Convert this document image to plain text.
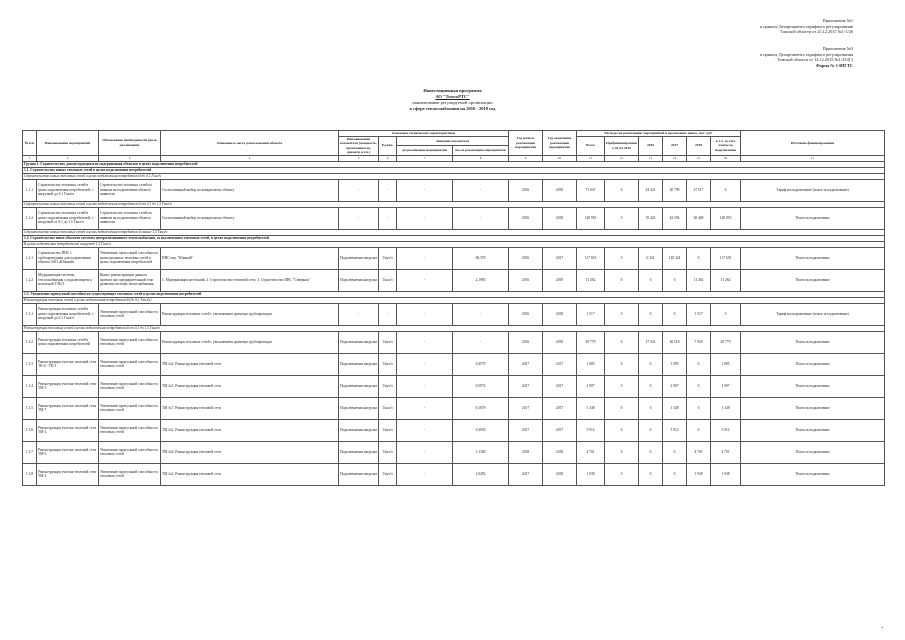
Приложение №1
к приказу Департамента тарифного регулирования
Томской области от 25.12.2015 №1-1/26
Приложение №3
к приказу Департамента тарифного регулирования
Томской области от 14.12.2015 №1-25/(Г)
Форма № 1-ИП ТС
Инвестиционная программа
АО "ТомскРТС"
наименование регулируемой организации
в сфере теплоснабжения на 2016 - 2018 год
№ п/п	Наименование мероприятий	Обоснование необходимости (цель реализации)	Описание и место расположения объекта	Основные технические характеристики				Год начала реализации мероприятия	Год окончания реализации мероприятия	Расходы на реализацию мероприятий в прогнозных ценах, тыс. руб.						Источник финансирования
				Наименование показателя (мощность, протяженность, диаметр и т.п.)	Ед.изм.	Значение показателя				Всего	Профинансировано к 01.01.2016	2016	2017	2018	в т.ч. за счет платы за подключение	
						до реализации мероприятия	после реализации мероприятия									
1	2	3	4	5	6	7	8	9	10	11	12	13	14	15	16	17
Группа 1. Строительство, реконструкция или модернизация объектов в целях подключения потребителей:																
1.1. Строительство новых тепловых сетей в целях подключения потребителей																
Строительство новых тепловых сетей в целях подключения потребителей до 0,1 Гкал/ч																
1.1.1	Строительство тепловых сетей в целях подключения потребителей, с нагрузкой до 0,1 Гкал/ч	Строительство тепловых сетей по заявкам на подключение объекта заявителя	Согласованный выбор по конкретному объекту	-	-	-	-	2016	2018	71 647	0	23 321	20 799	27 517	0	Тариф на подключение (плата за подключение)
Строительство новых тепловых сетей в целях подключения потребителей от 0,1 до 1,5 Гкал/ч																
1.1.2	Строительство тепловых сетей в целях подключения потребителей, с нагрузкой от 0,1 до 1,5 Гкал/ч	Строительство тепловых сетей по заявкам на подключение объекта заявителя	Согласованный выбор по конкретному объекту	-	-	-	-	2016	2018	128 953	0	55 423	42 594	30 469	128 953	Плата за подключение
Строительство новых тепловых сетей в целях подключения потребителей свыше 1,5 Гкал/ч																
1.2. Строительство иных объектов системы централизованного теплоснабжения, за исключением тепловых сетей, в целях подключения потребителей																
В целях подключения потребителей нагрузкой 1,5 Гкал/ч																
1.2.1	Строительство ПНС с трубопроводами для подключения объекта ЗАО «Южный»	Увеличение пропускной способности магистральных тепловых сетей в целях подключения потребителей	ПНС пер. "Южный"	Подключаемая нагрузка	Гкал/ч	-	69,370	2016	2017	117 653	0	6 321	128 324	0	117 653	Плата за подключение
1.2.2	Модернизация системы теплоснабжения с подключением к котельной ТЭЦ-1	Вынос реконструкции данного проекта как предварительный этап развития системы теплоснабжения	1. Модернизация котельной; 2. Строительство тепловой сети; 3. Строительство ПНС "Северная"	Подключаемая нагрузка	Гкал/ч	-	2,1983	2016	2019	11 262	0	0	0	11 262	11 262	Плата за подключение
1.3. Увеличение пропускной способности существующих тепловых сетей в целях подключения потребителей																
Реконструкция тепловых сетей в целях подключения потребителей (до 0,1 Гкал/ч)																
1.3.1	Реконструкция тепловых сетей в целях подключения потребителей, с нагрузкой до 0,1 Гкал/ч	Увеличение пропускной способности тепловых сетей	Реконструкция тепловых сетей с увеличением диаметра трубопроводов	-	-	-	-	2016	2018	1 517	0	0	0	1 517	0	Тариф на подключение (плата за подключение)
Реконструкция тепловых сетей в целях подключения потребителей от 0,1 до 1,5 Гкал/ч																
1.3.2	Реконструкция тепловых сетей в целях подключения потребителей	Увеличение пропускной способности тепловых сетей	Реконструкция тепловых сетей с увеличением диаметра трубопроводов	Подключаемая нагрузка	Гкал/ч	-	-	2016	2018	65 779	0	17 341	40 518	7 920	65 779	Плата за подключение
1.3.3	Реконструкция участка тепловой сети ТК-4 - ТК-5	Увеличение пропускной способности тепловых сетей	ТМ №4. Реконструкция тепловой сети	Подключаемая нагрузка	Гкал/ч	-	0,4579	2017	2017	1 085	0	0	1 085	0	1 085	Плата за подключение
1.3.4	Реконструкция участка тепловой сети ТМ-5	Увеличение пропускной способности тепловых сетей	ТМ №5. Реконструкция тепловой сети	Подключаемая нагрузка	Гкал/ч	-	0,5972	2017	2017	2 907	0	0	2 907	0	2 907	Плата за подключение
1.3.5	Реконструкция участка тепловой сети ТМ-7	Увеличение пропускной способности тепловых сетей	ТМ №7. Реконструкция тепловой сети	Подключаемая нагрузка	Гкал/ч	-	0,1079	2017	2017	1 348	0	0	1 348	0	1 348	Плата за подключение
1.3.6	Реконструкция участка тепловой сети ТМ-2	Увеличение пропускной способности тепловых сетей	ТМ №2. Реконструкция тепловой сети	Подключаемая нагрузка	Гкал/ч	-	0,3059	2017	2017	5 912	0	0	5 912	0	5 912	Плата за подключение
1.3.7	Реконструкция участка тепловой сети ТМ-6	Увеличение пропускной способности тепловых сетей	ТМ №6. Реконструкция тепловой сети	Подключаемая нагрузка	Гкал/ч	-	1,1300	2018	2018	4 701	0	0	0	4 701	4 701	Плата за подключение
1.3.8	Реконструкция участка тепловой сети ТМ-2	Увеличение пропускной способности тепловых сетей	ТМ №2. Реконструкция тепловой сети	Подключаемая нагрузка	Гкал/ч	-	1,0492	2017	2018	1 938	0	0	0	1 938	1 938	Плата за подключение
•
